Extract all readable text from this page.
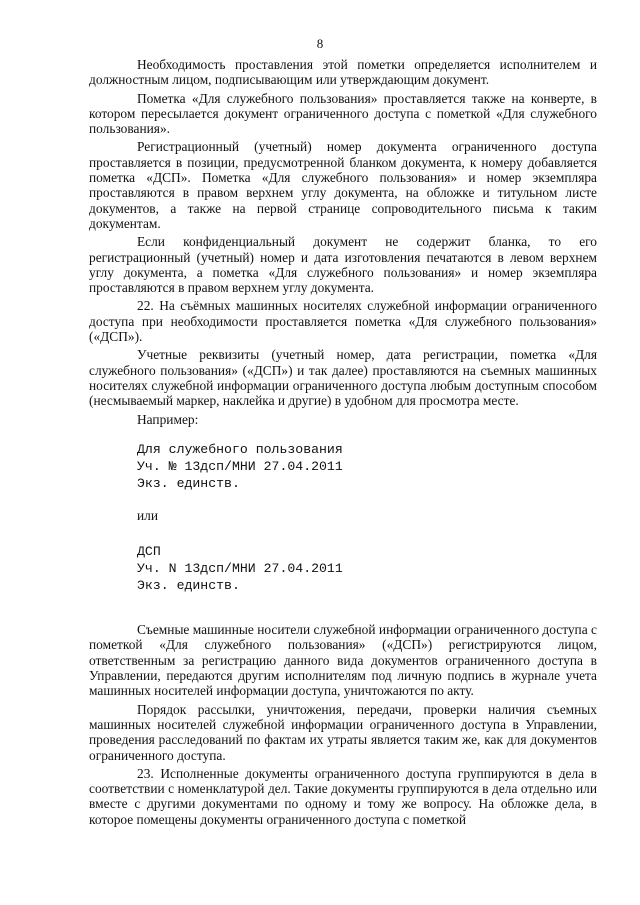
8

Необходимость проставления этой пометки определяется исполнителем и должностным лицом, подписывающим или утверждающим документ.

Пометка «Для служебного пользования» проставляется также на конверте, в котором пересылается документ ограниченного доступа с пометкой «Для служебного пользования».

Регистрационный (учетный) номер документа ограниченного доступа проставляется в позиции, предусмотренной бланком документа, к номеру добавляется пометка «ДСП». Пометка «Для служебного пользования» и номер экземпляра проставляются в правом верхнем углу документа, на обложке и титульном листе документов, а также на первой странице сопроводительного письма к таким документам.

Если конфиденциальный документ не содержит бланка, то его регистрационный (учетный) номер и дата изготовления печатаются в левом верхнем углу документа, а пометка «Для служебного пользования» и номер экземпляра проставляются в правом верхнем углу документа.

22. На съёмных машинных носителях служебной информации ограниченного доступа при необходимости проставляется пометка «Для служебного пользования» («ДСП»).

Учетные реквизиты (учетный номер, дата регистрации, пометка «Для служебного пользования» («ДСП») и так далее) проставляются на съемных машинных носителях служебной информации ограниченного доступа любым доступным способом (несмываемый маркер, наклейка и другие) в удобном для просмотра месте.

Например:
Для служебного пользования
Уч. № 13дсп/МНИ 27.04.2011
Экз. единств.
или
ДСП
Уч. N 13дсп/МНИ 27.04.2011
Экз. единств.

Съемные машинные носители служебной информации ограниченного доступа с пометкой «Для служебного пользования» («ДСП») регистрируются лицом, ответственным за регистрацию данного вида документов ограниченного доступа в Управлении, передаются другим исполнителям под личную подпись в журнале учета машинных носителей информации доступа, уничтожаются по акту.

Порядок рассылки, уничтожения, передачи, проверки наличия съемных машинных носителей служебной информации ограниченного доступа в Управлении, проведения расследований по фактам их утраты является таким же, как для документов ограниченного доступа.

23. Исполненные документы ограниченного доступа группируются в дела в соответствии с номенклатурой дел. Такие документы группируются в дела отдельно или вместе с другими документами по одному и тому же вопросу. На обложке дела, в которое помещены документы ограниченного доступа с пометкой
